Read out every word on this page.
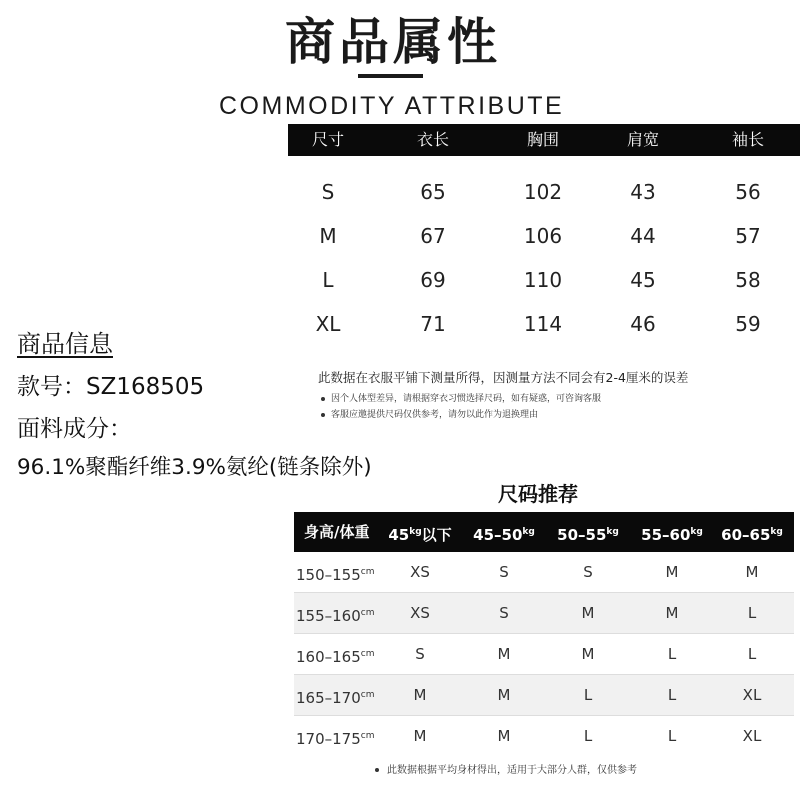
商品属性
COMMODITY ATTRIBUTE
尺寸	衣长	胸围	肩宽	袖长
S	65	102	43	56
M	67	106	44	57
L	69	110	45	58
XL	71	114	46	59
此数据在衣服平铺下测量所得，因测量方法不同会有2-4厘米的误差
因个人体型差异，请根据穿衣习惯选择尺码，如有疑惑，可咨询客服
客服应邀提供尺码仅供参考，请勿以此作为退换理由
商品信息
款号：SZ168505
面料成分：
96.1%聚酯纤维3.9%氨纶(链条除外)
尺码推荐
身高/体重	$45^{kg}$以下	$45-50^{kg}$	$50-55^{kg}$	$55-60^{kg}$	$60-65^{kg}$
$150-155^{cm}$	XS	S	S	M	M
$155-160^{cm}$	XS	S	M	M	L
$160-165^{cm}$	S	M	M	L	L
$165-170^{cm}$	M	M	L	L	XL
$170-175^{cm}$	M	M	L	L	XL
此数据根据平均身材得出，适用于大部分人群，仅供参考
